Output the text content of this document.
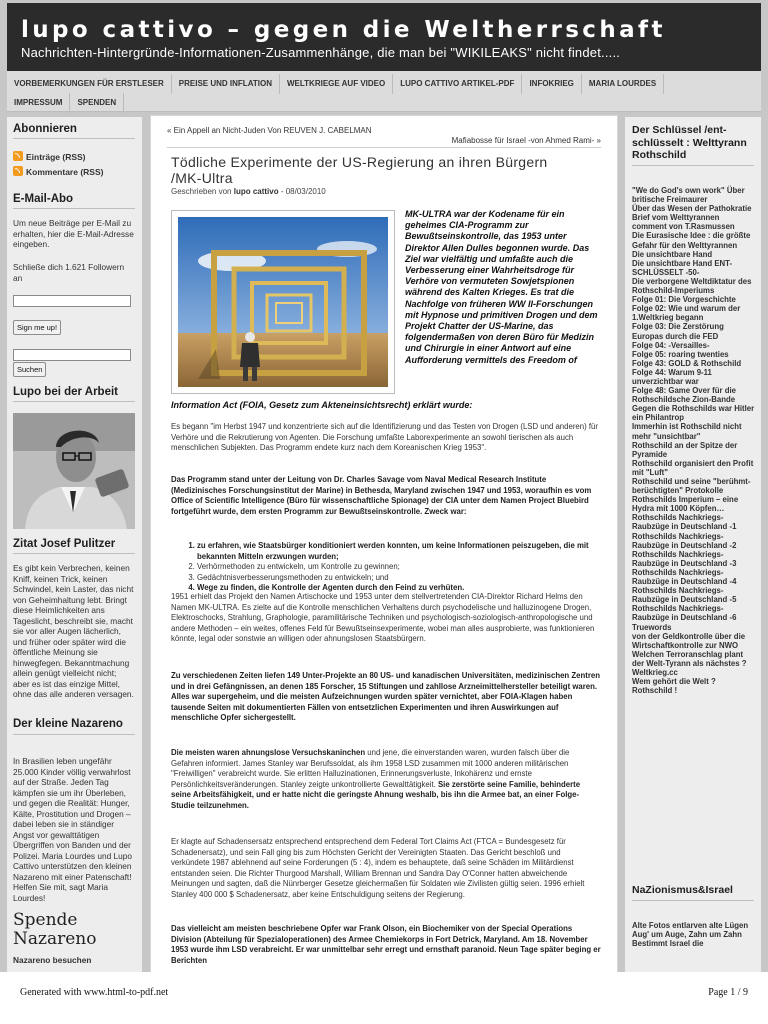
lupo cattivo – gegen die Weltherrschaft
Nachrichten-Hintergründe-Informationen-Zusammenhänge, die man bei "WIKILEAKS" nicht findet.....
VORBEMERKUNGEN FÜR ERSTLESER PREISE UND INFLATION WELTKRIEGE AUF VIDEO LUPO CATTIVO ARTIKEL-PDF INFOKRIEG MARIA LOURDES
IMPRESSUM SPENDEN
Abonnieren
Einträge (RSS)
Kommentare (RSS)
E-Mail-Abo
Um neue Beiträge per E-Mail zu erhalten, hier die E-Mail-Adresse eingeben.
Schließe dich 1.621 Followern an
Sign me up!
Suchen
Lupo bei der Arbeit
Zitat Josef Pulitzer
Es gibt kein Verbrechen, keinen Kniff, keinen Trick, keinen Schwindel, kein Laster, das nicht von Geheimhaltung lebt. Bringt diese Heimlichkeiten ans Tageslicht, beschreibt sie, macht sie vor aller Augen lächerlich, und früher oder später wird die öffentliche Meinung sie hinwegfegen. Bekanntmachung allein genügt vielleicht nicht; aber es ist das einzige Mittel, ohne das alle anderen versagen.
Der kleine Nazareno
In Brasilien leben ungefähr 25.000 Kinder völlig verwahrlost auf der Straße. Jeden Tag kämpfen sie um ihr Überleben, und gegen die Realität: Hunger, Kälte, Prostitution und Drogen – dabei leben sie in ständiger Angst vor gewalttätigen Übergriffen von Banden und der Polizei. Maria Lourdes und Lupo Cattivo unterstützen den kleinen Nazareno mit einer Patenschaft! Helfen Sie mit, sagt Maria Lourdes!
Spende Nazareno
Nazareno besuchen
« Ein Appell an Nicht-Juden Von REUVEN J. CABELMAN
Mafiabosse für Israel -von Ahmed Rami- »
Tödliche Experimente der US-Regierung an ihren Bürgern /MK-Ultra
Geschrieben von lupo cattivo - 08/03/2010
MK-ULTRA war der Kodename für ein geheimes CIA-Programm zur Bewußtseinskontrolle, das 1953 unter Direktor Allen Dulles begonnen wurde. Das Ziel war vielfältig und umfaßte auch die Verbesserung einer Wahrheitsdroge für Verhöre von vermuteten Sowjetspionen während des Kalten Krieges. Es trat die Nachfolge von früheren WW II-Forschungen mit Hypnose und primitiven Drogen und dem Projekt Chatter der US-Marine, das folgendermaßen von deren Büro für Medizin und Chirurgie in einer Antwort auf eine Aufforderung vermittels des Freedom of
Information Act (FOIA, Gesetz zum Akteneinsichtsrecht) erklärt wurde:

Es begann "im Herbst 1947 und konzentrierte sich auf die Identifizierung und das Testen von Drogen (LSD und anderen) für Verhöre und die Rekrutierung von Agenten. Die Forschung umfaßte Laborexperimente an sowohl tierischen als auch menschlichen Subjekten. Das Programm endete kurz nach dem Koreanischen Krieg 1953".

Das Programm stand unter der Leitung von Dr. Charles Savage vom Naval Medical Research Institute (Medizinisches Forschungsinstitut der Marine) in Bethesda, Maryland zwischen 1947 und 1953, woraufhin es vom Office of Scientific Intelligence (Büro für wissenschaftliche Spionage) der CIA unter dem Namen Project Bluebird fortgeführt wurde, dem ersten Programm zur Bewußtseinskontrolle. Zweck war:

1. zu erfahren, wie Staatsbürger konditioniert werden konnten, um keine Informationen peiszugeben, die mit bekannten Mitteln erzwungen wurden;
2. Verhörmethoden zu entwickeln, um Kontrolle zu gewinnen;
3. Gedächtnisverbesserungsmethoden zu entwickeln; und
4. Wege zu finden, die Kontrolle der Agenten durch den Feind zu verhüten.

1951 erhielt das Projekt den Namen Artischocke und 1953 unter dem stellvertretenden CIA-Direktor Richard Helms den Namen MK-ULTRA. Es zielte auf die Kontrolle menschlichen Verhaltens durch psychodelische und halluzinogene Drogen, Elektroschocks, Strahlung, Graphologie, paramilitärische Techniken und psychologisch-soziologisch-anthropologische und andere Methoden – ein weites, offenes Feld für Bewußtseinsexperimente, wobei man alles ausprobierte, was funktionieren könnte, legal oder sonstwie an willigen oder ahnungslosen Staatsbürgern.

Zu verschiedenen Zeiten liefen 149 Unter-Projekte an 80 US- und kanadischen Universitäten, medizinischen Zentren und in drei Gefängnissen, an denen 185 Forscher, 15 Stiftungen und zahllose Arzneimittelhersteller beteiligt waren. Alles war supergeheim, und die meisten Aufzeichnungen wurden später vernichtet, aber FOIA-Klagen haben tausende Seiten mit dokumentierten Fällen von entsetzlichen Experimenten und ihren Auswirkungen auf menschliche Opfer sichergestellt.

Die meisten waren ahnungslose Versuchskaninchen und jene, die einverstanden waren, wurden falsch über die Gefahren informiert. James Stanley war Berufssoldat, als ihm 1958 LSD zusammen mit 1000 anderen militärischen "Freiwilligen" verabreicht wurde. Sie erlitten Halluzinationen, Erinnerungsverluste, Inkohärenz und ernste Persönlichkeitsveränderungen. Stanley zeigte unkontrollierte Gewalttätigkeit. Sie zerstörte seine Familie, behinderte seine Arbeitsfähigkeit, und er hatte nicht die geringste Ahnung weshalb, bis ihn die Armee bat, an einer Folge-Studie teilzunehmen.

Er klagte auf Schadensersatz entsprechend entsprechend dem Federal Tort Claims Act (FTCA = Bundesgesetz für Schadenersatz), und sein Fall ging bis zum Höchsten Gericht der Vereinigten Staaten. Das Gericht beschloß und verkündete 1987 ablehnend auf seine Forderungen (5 : 4), indem es behauptete, daß seine Schäden im Militärdienst entstanden seien. Die Richter Thurgood Marshall, William Brennan und Sandra Day O'Conner hatten abweichende Meinungen und sagten, daß die Nünrberger Gesetze gleichermaßen für Soldaten wie Zivilisten gültig seien. 1996 erhielt Stanley 400 000 $ Schadenersatz, aber keine Entschuldigung seitens der Regierung.

Das vielleicht am meisten beschriebene Opfer war Frank Olson, ein Biochemiker von der Special Operations Division (Abteilung für Spezialoperationen) des Armee Chemiekorps in Fort Detrick, Maryland. Am 18. November 1953 wurde ihm LSD verabreicht. Er war unmittelbar sehr erregt und ernsthaft paranoid. Neun Tage später beging er Berichten

Der Schlüssel /ent-schlüsselt : Welttyrann Rothschild
"We do God's own work" Über britische Freimaurer
Über das Wesen der Pathokratie
Brief vom Welttyrannen comment von T.Rasmussen
Die Eurasische Idee : die größte Gefahr für den Welttyrannen
Die unsichtbare Hand
Die unsichtbare Hand ENT-SCHLÜSSELT -50-
Die verborgene Weltdiktatur des Rothschild-Imperiums
Folge 01: Die Vorgeschichte
Folge 02: Wie und warum der 1.Weltkrieg begann
Folge 03: Die Zerstörung Europas durch die FED
Folge 04: -Versailles-
Folge 05: roaring twenties
Folge 43: GOLD & Rothschild
Folge 44: Warum 9-11 unverzichtbar war
Folge 48: Game Over für die Rothschildsche Zion-Bande
Gegen die Rothschilds war Hitler ein Philantrop
Immerhin ist Rothschild nicht mehr "unsichtbar"
Rothschild an der Spitze der Pyramide
Rothschild organisiert den Profit mit "Luft"
Rothschild und seine "berühmt-berüchtigten" Protokolle
Rothschilds Imperium – eine Hydra mit 1000 Köpfen…
Rothschilds Nachkriegs-Raubzüge in Deutschland -1
Rothschilds Nachkriegs-Raubzüge in Deutschland -2
Rothschilds Nachkriegs-Raubzüge in Deutschland -3
Rothschilds Nachkriegs-Raubzüge in Deutschland -4
Rothschilds Nachkriegs-Raubzüge in Deutschland -5
Rothschilds Nachkriegs-Raubzüge in Deutschland -6
Truewords
von der Geldkontrolle über die Wirtschaftkontrolle zur NWO
Welchen Terroranschlag plant der Welt-Tyrann als nächstes ? Weltkrieg.cc
Wem gehört die Welt ? Rothschild !
NaZionismus&Israel
Alte Fotos entlarven alte Lügen
Aug' um Auge, Zahn um Zahn
Bestimmt Israel die
Generated with www.html-to-pdf.net	Page 1 / 9
